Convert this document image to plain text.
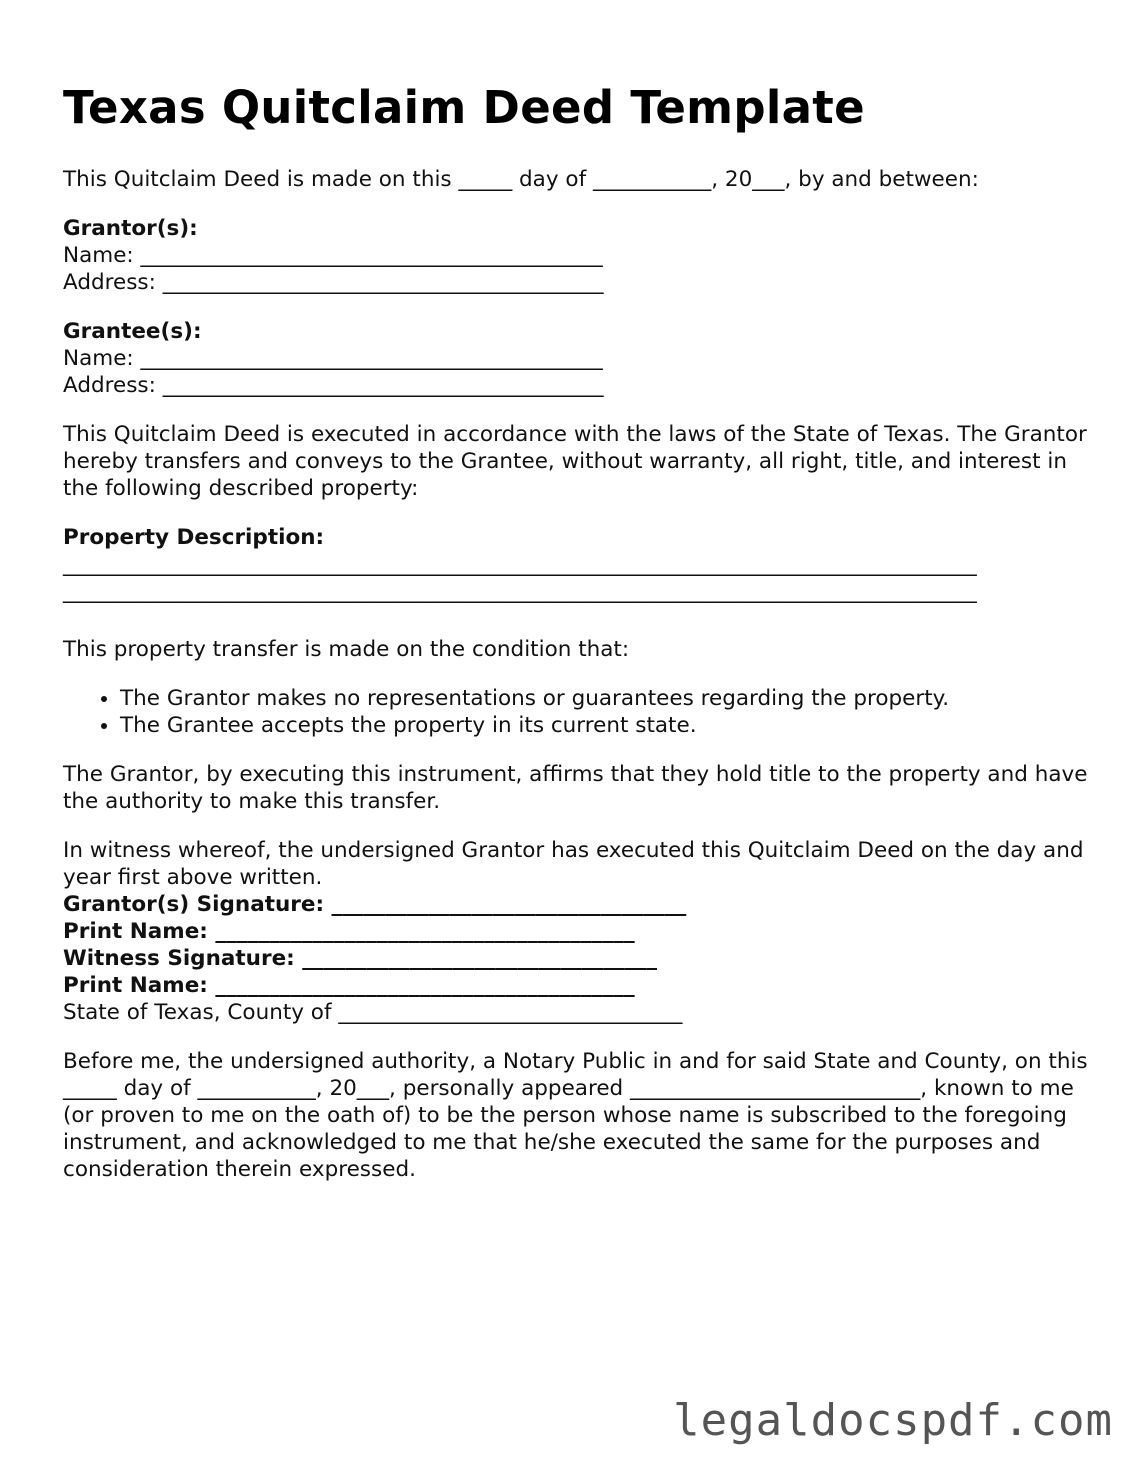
Texas Quitclaim Deed Template

This Quitclaim Deed is made on this _____ day of ___________, 20___, by and between:

Grantor(s):

Name: ___________________________________________

Address: _________________________________________

Grantee(s):

Name: ___________________________________________

Address: _________________________________________

This Quitclaim Deed is executed in accordance with the laws of the State of Texas. The Grantor hereby transfers and conveys to the Grantee, without warranty, all right, title, and interest in the following described property:

Property Description:

_____________________________________________________________________________________

_____________________________________________________________________________________

This property transfer is made on the condition that:

• The Grantor makes no representations or guarantees regarding the property.
• The Grantee accepts the property in its current state.

The Grantor, by executing this instrument, affirms that they hold title to the property and have the authority to make this transfer.

In witness whereof, the undersigned Grantor has executed this Quitclaim Deed on the day and year first above written.

Grantor(s) Signature: _________________________________

Print Name: _______________________________________

Witness Signature: _________________________________

Print Name: _______________________________________

State of Texas, County of ________________________________

Before me, the undersigned authority, a Notary Public in and for said State and County, on this _____ day of ___________, 20___, personally appeared ___________________________, known to me (or proven to me on the oath of) to be the person whose name is subscribed to the foregoing instrument, and acknowledged to me that he/she executed the same for the purposes and consideration therein expressed.

legaldocspdf.com
